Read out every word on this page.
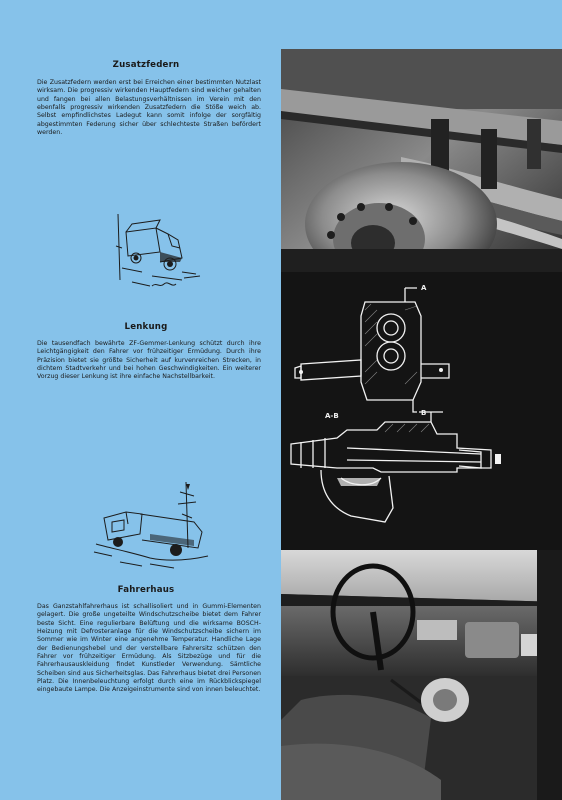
Zusatzfedern

Die Zusatzfedern werden erst bei Erreichen einer bestimmten Nutzlast wirksam. Die progressiv wirkenden Hauptfedern sind weicher gehalten und fangen bei allen Belastungsverhältnissen im Verein mit den ebenfalls progressiv wirkenden Zusatzfedern die Stöße weich ab. Selbst empfindlichstes Ladegut kann somit infolge der sorgfältig abgestimmten Federung sicher über schlechteste Straßen befördert werden.

Lenkung

Die tausendfach bewährte ZF-Gemmer-Lenkung schützt durch ihre Leichtgängigkeit den Fahrer vor frühzeitiger Ermüdung. Durch ihre Präzision bietet sie größte Sicherheit auf kurvenreichen Strecken, in dichtem Stadtverkehr und bei hohen Geschwindigkeiten. Ein weiterer Vorzug dieser Lenkung ist ihre einfache Nachstellbarkeit.

Fahrerhaus

Das Ganzstahlfahrerhaus ist schallisoliert und in Gummi-Elementen gelagert. Die große ungeteilte Windschutzscheibe bietet dem Fahrer beste Sicht. Eine regulierbare Belüftung und die wirksame BOSCH-Heizung mit Defrosteranlage für die Windschutzscheibe sichern im Sommer wie im Winter eine angenehme Temperatur. Handliche Lage der Bedienungshebel und der verstellbare Fahrersitz schützen den Fahrer vor frühzeitiger Ermüdung. Als Sitzbezüge und für die Fahrerhausauskleidung findet Kunstleder Verwendung. Sämtliche Scheiben sind aus Sicherheitsglas. Das Fahrerhaus bietet drei Personen Platz. Die Innenbeleuchtung erfolgt durch eine im Rückblickspiegel eingebaute Lampe. Die Anzeigeinstrumente sind von innen beleuchtet.

A
B
A-B
